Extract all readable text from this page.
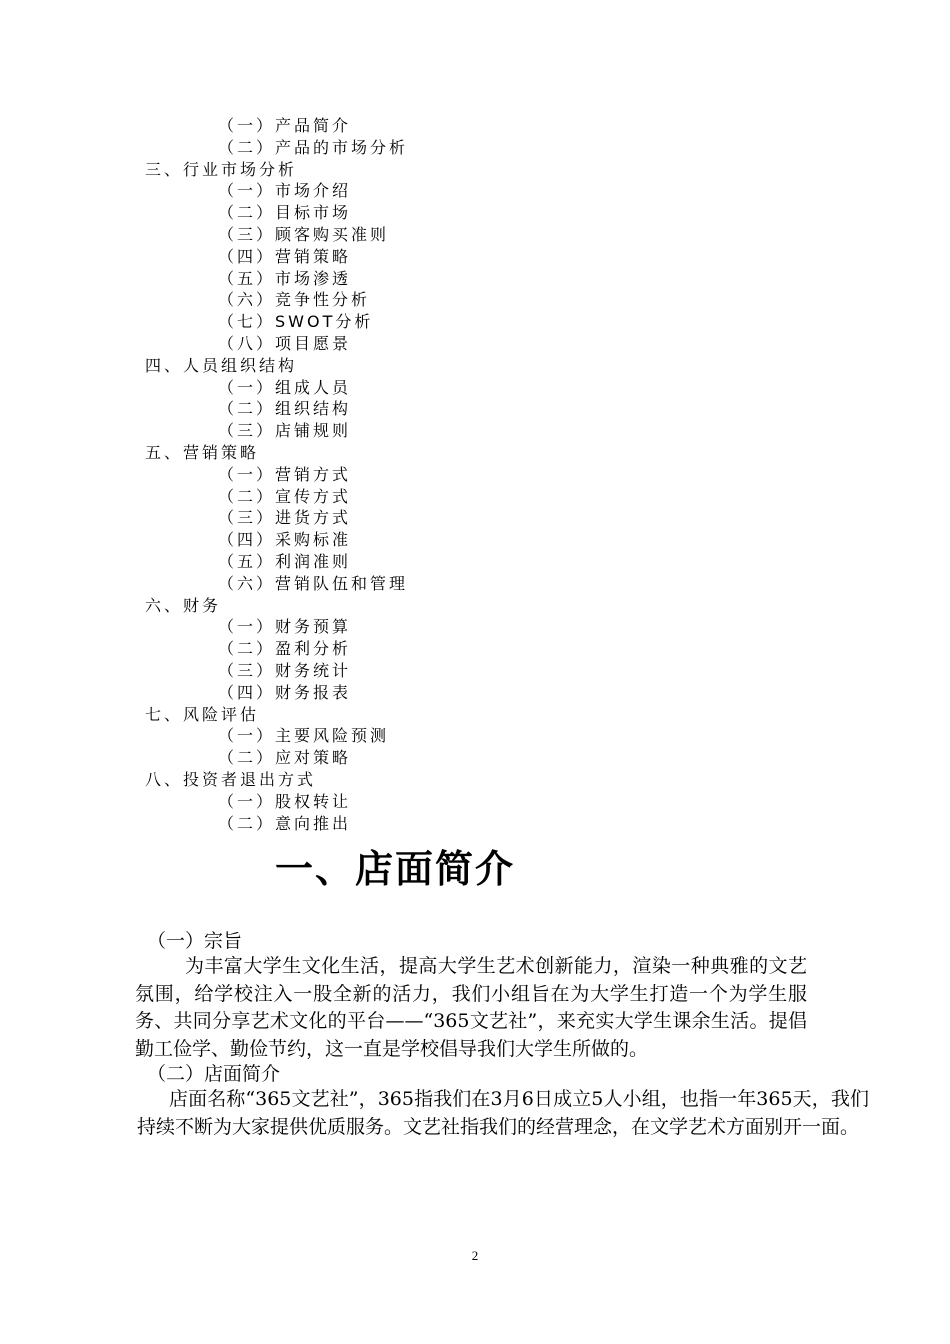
（一）产品简介
（二）产品的市场分析
三、行业市场分析
（一）市场介绍
（二）目标市场
（三）顾客购买准则
（四）营销策略
（五）市场渗透
（六）竞争性分析
（七）SWOT分析
（八）项目愿景
四、人员组织结构
（一）组成人员
（二）组织结构
（三）店铺规则
五、营销策略
（一）营销方式
（二）宣传方式
（三）进货方式
（四）采购标准
（五）利润准则
（六）营销队伍和管理
六、财务
（一）财务预算
（二）盈利分析
（三）财务统计
（四）财务报表
七、风险评估
（一）主要风险预测
（二）应对策略
八、投资者退出方式
（一）股权转让
（二）意向推出
一、店面简介

（一）宗旨

为丰富大学生文化生活，提高大学生艺术创新能力，渲染一种典雅的文艺氛围，给学校注入一股全新的活力，我们小组旨在为大学生打造一个为学生服务、共同分享艺术文化的平台——“365文艺社”，来充实大学生课余生活。提倡勤工俭学、勤俭节约，这一直是学校倡导我们大学生所做的。

（二）店面简介

店面名称“365文艺社”，365指我们在3月6日成立5人小组，也指一年365天，我们持续不断为大家提供优质服务。文艺社指我们的经营理念，在文学艺术方面别开一面。

2
